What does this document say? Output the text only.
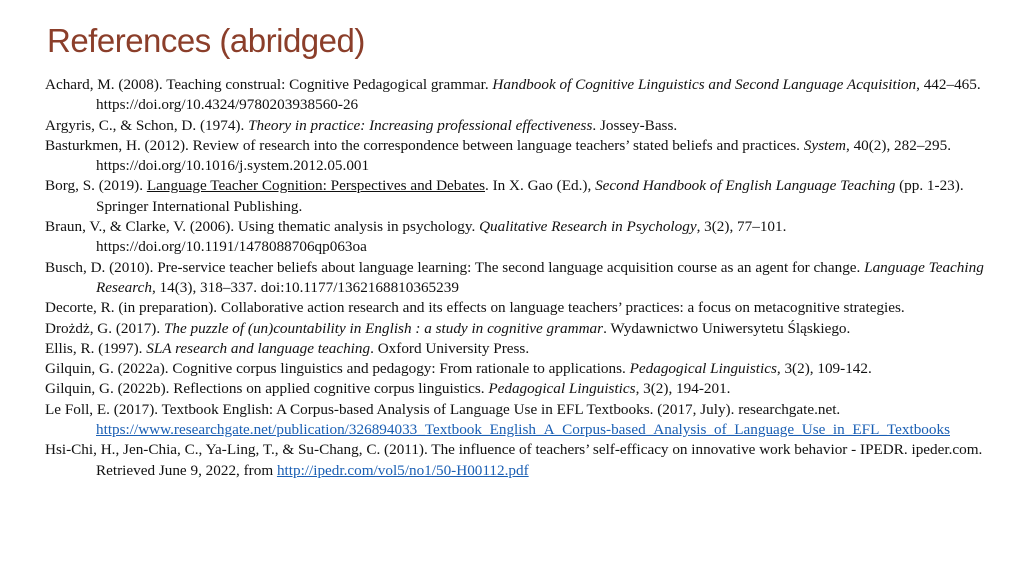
References (abridged)

Achard, M. (2008). Teaching construal: Cognitive Pedagogical grammar. Handbook of Cognitive Linguistics and Second Language Acquisition, 442–465. https://doi.org/10.4324/9780203938560-26

Argyris, C., & Schon, D. (1974). Theory in practice: Increasing professional effectiveness. Jossey-Bass.

Basturkmen, H. (2012). Review of research into the correspondence between language teachers’ stated beliefs and practices. System, 40(2), 282–295. https://doi.org/10.1016/j.system.2012.05.001

Borg, S. (2019). Language Teacher Cognition: Perspectives and Debates. In X. Gao (Ed.), Second Handbook of English Language Teaching (pp. 1-23). Springer International Publishing.

Braun, V., & Clarke, V. (2006). Using thematic analysis in psychology. Qualitative Research in Psychology, 3(2), 77–101. https://doi.org/10.1191/1478088706qp063oa

Busch, D. (2010). Pre-service teacher beliefs about language learning: The second language acquisition course as an agent for change. Language Teaching Research, 14(3), 318–337. doi:10.1177/1362168810365239

Decorte, R. (in preparation). Collaborative action research and its effects on language teachers’ practices: a focus on metacognitive strategies.

Drożdż, G. (2017). The puzzle of (un)countability in English : a study in cognitive grammar. Wydawnictwo Uniwersytetu Śląskiego.

Ellis, R. (1997). SLA research and language teaching. Oxford University Press.

Gilquin, G. (2022a). Cognitive corpus linguistics and pedagogy: From rationale to applications. Pedagogical Linguistics, 3(2), 109-142.

Gilquin, G. (2022b). Reflections on applied cognitive corpus linguistics. Pedagogical Linguistics, 3(2), 194-201.

Le Foll, E. (2017). Textbook English: A Corpus-based Analysis of Language Use in EFL Textbooks. (2017, July). researchgate.net. https://www.researchgate.net/publication/326894033_Textbook_English_A_Corpus-based_Analysis_of_Language_Use_in_EFL_Textbooks

Hsi-Chi, H., Jen-Chia, C., Ya-Ling, T., & Su-Chang, C. (2011). The influence of teachers’ self-efficacy on innovative work behavior - IPEDR. ipeder.com. Retrieved June 9, 2022, from http://ipedr.com/vol5/no1/50-H00112.pdf
